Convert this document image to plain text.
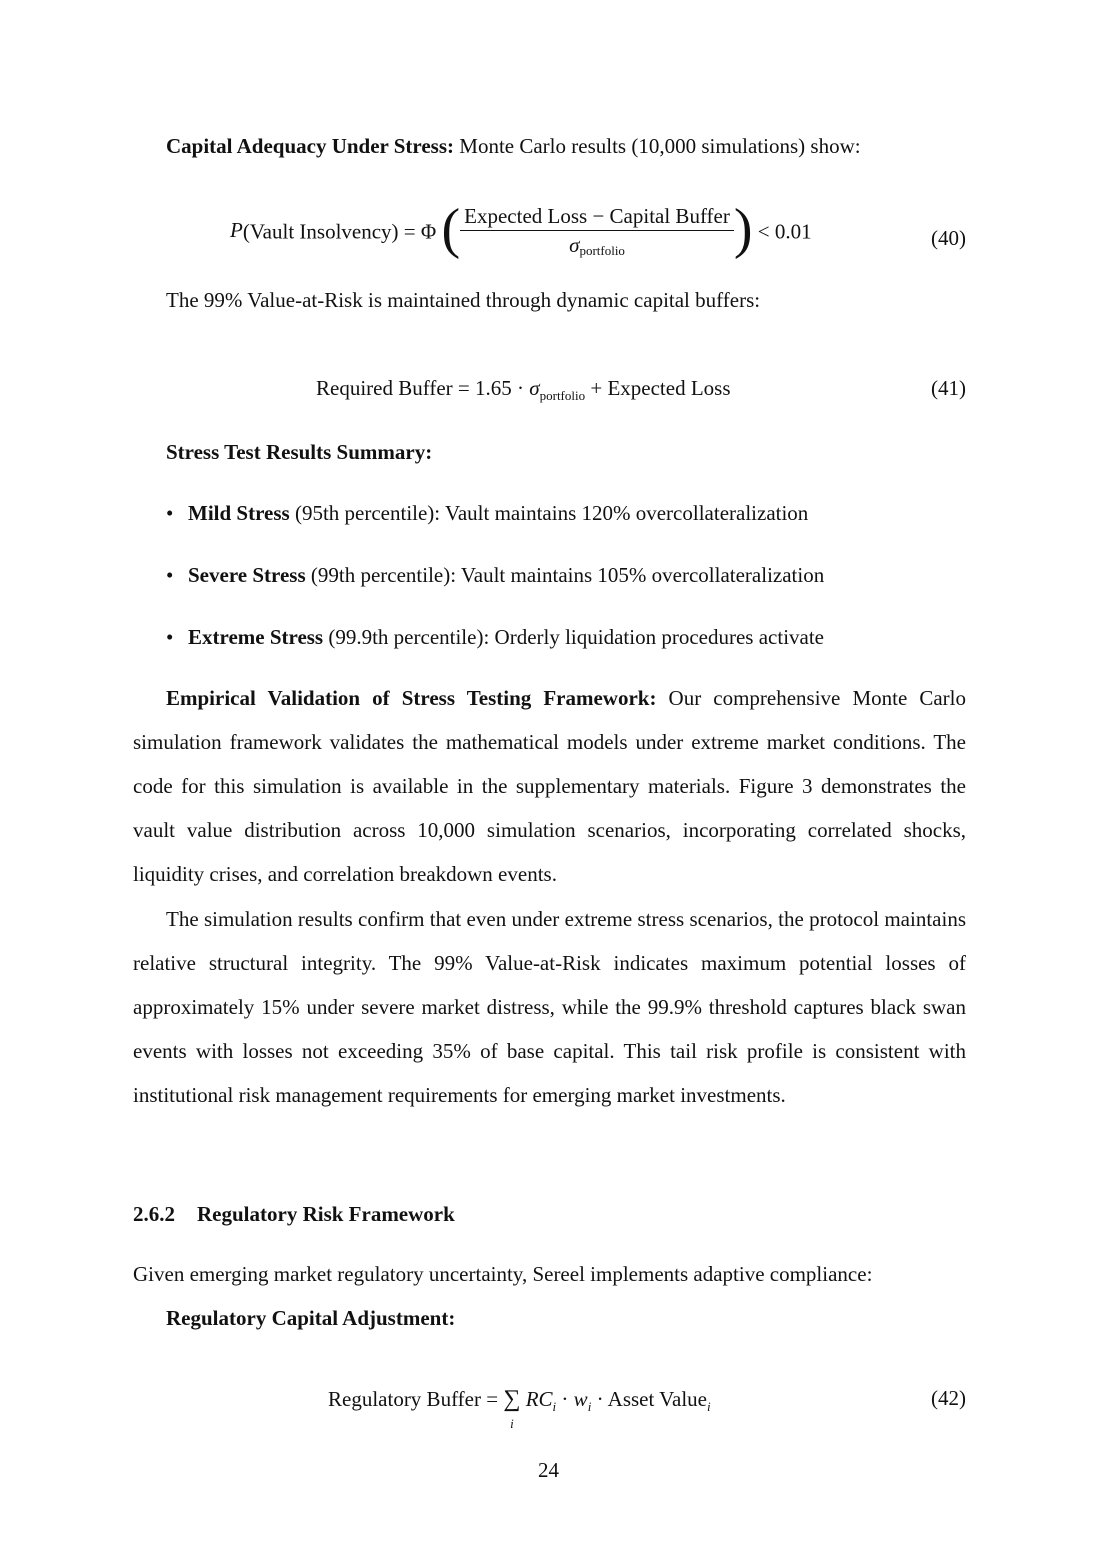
Capital Adequacy Under Stress: Monte Carlo results (10,000 simulations) show:
P(Vault Insolvency) = Φ ( $\frac{\text{Expected Loss − Capital Buffer}}{\text{σportfolio}}$ ) < 0.01	(40)
The 99% Value-at-Risk is maintained through dynamic capital buffers:
Required Buffer = $1.65 \cdot \sigma_{portfolio}$ + Expected Loss	(41)
Stress Test Results Summary:
• Mild Stress (95th percentile): Vault maintains 120% overcollateralization
• Severe Stress (99th percentile): Vault maintains 105% overcollateralization
• Extreme Stress (99.9th percentile): Orderly liquidation procedures activate
Empirical Validation of Stress Testing Framework: Our comprehensive Monte Carlo simulation framework validates the mathematical models under extreme market conditions. The code for this simulation is available in the supplementary materials. Figure 3 demonstrates the vault value distribution across 10,000 simulation scenarios, incorporating correlated shocks, liquidity crises, and correlation breakdown events.
The simulation results confirm that even under extreme stress scenarios, the protocol maintains relative structural integrity. The 99% Value-at-Risk indicates maximum potential losses of approximately 15% under severe market distress, while the 99.9% threshold captures black swan events with losses not exceeding 35% of base capital. This tail risk profile is consistent with institutional risk management requirements for emerging market investments.
2.6.2 Regulatory Risk Framework
Given emerging market regulatory uncertainty, Sereel implements adaptive compliance:
Regulatory Capital Adjustment:
Regulatory Buffer = ∑
i
$RC_i \cdot w_i$ · Asset Value$_i$	(42)
24
